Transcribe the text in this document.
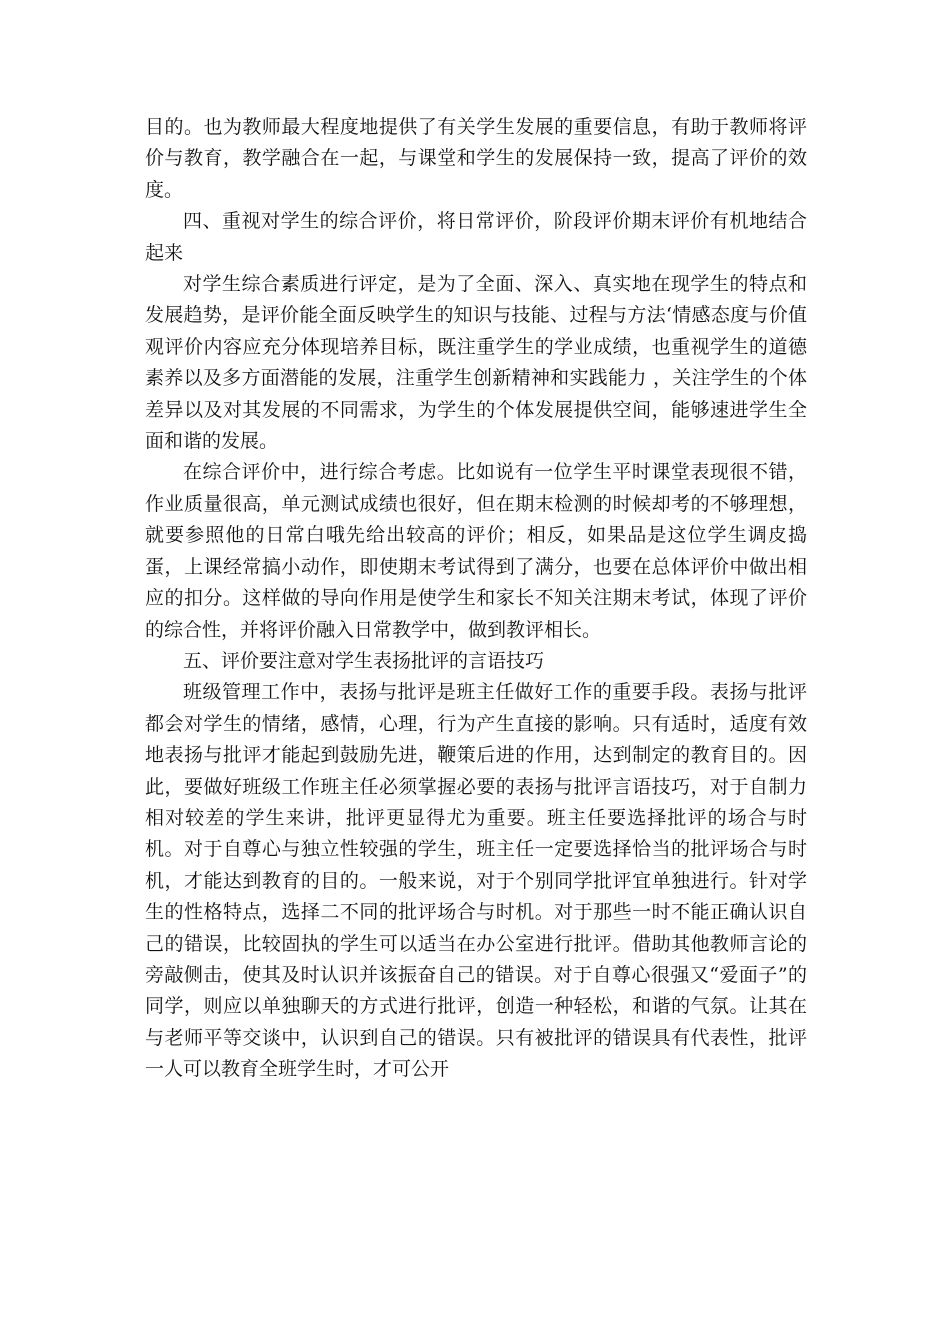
目的。也为教师最大程度地提供了有关学生发展的重要信息，有助于教师将评价与教育，教学融合在一起，与课堂和学生的发展保持一致，提高了评价的效度。

四、重视对学生的综合评价，将日常评价，阶段评价期末评价有机地结合起来

对学生综合素质进行评定，是为了全面、深入、真实地在现学生的特点和发展趋势，是评价能全面反映学生的知识与技能、过程与方法‘情感态度与价值观评价内容应充分体现培养目标，既注重学生的学业成绩，也重视学生的道德素养以及多方面潜能的发展，注重学生创新精神和实践能力 ，关注学生的个体差异以及对其发展的不同需求，为学生的个体发展提供空间，能够速进学生全面和谐的发展。

在综合评价中，进行综合考虑。比如说有一位学生平时课堂表现很不错，作业质量很高，单元测试成绩也很好，但在期末检测的时候却考的不够理想，就要参照他的日常白哦先给出较高的评价；相反，如果品是这位学生调皮捣蛋，上课经常搞小动作，即使期末考试得到了满分，也要在总体评价中做出相应的扣分。这样做的导向作用是使学生和家长不知关注期末考试，体现了评价的综合性，并将评价融入日常教学中，做到教评相长。

五、评价要注意对学生表扬批评的言语技巧

班级管理工作中，表扬与批评是班主任做好工作的重要手段。表扬与批评都会对学生的情绪，感情，心理，行为产生直接的影响。只有适时，适度有效地表扬与批评才能起到鼓励先进，鞭策后进的作用，达到制定的教育目的。因此，要做好班级工作班主任必须掌握必要的表扬与批评言语技巧，对于自制力相对较差的学生来讲，批评更显得尤为重要。班主任要选择批评的场合与时机。对于自尊心与独立性较强的学生，班主任一定要选择恰当的批评场合与时机，才能达到教育的目的。一般来说，对于个别同学批评宜单独进行。针对学生的性格特点，选择二不同的批评场合与时机。对于那些一时不能正确认识自己的错误，比较固执的学生可以适当在办公室进行批评。借助其他教师言论的旁敲侧击，使其及时认识并该振奋自己的错误。对于自尊心很强又“爱面子”的同学，则应以单独聊天的方式进行批评，创造一种轻松，和谐的气氛。让其在与老师平等交谈中，认识到自己的错误。只有被批评的错误具有代表性，批评一人可以教育全班学生时，才可公开
